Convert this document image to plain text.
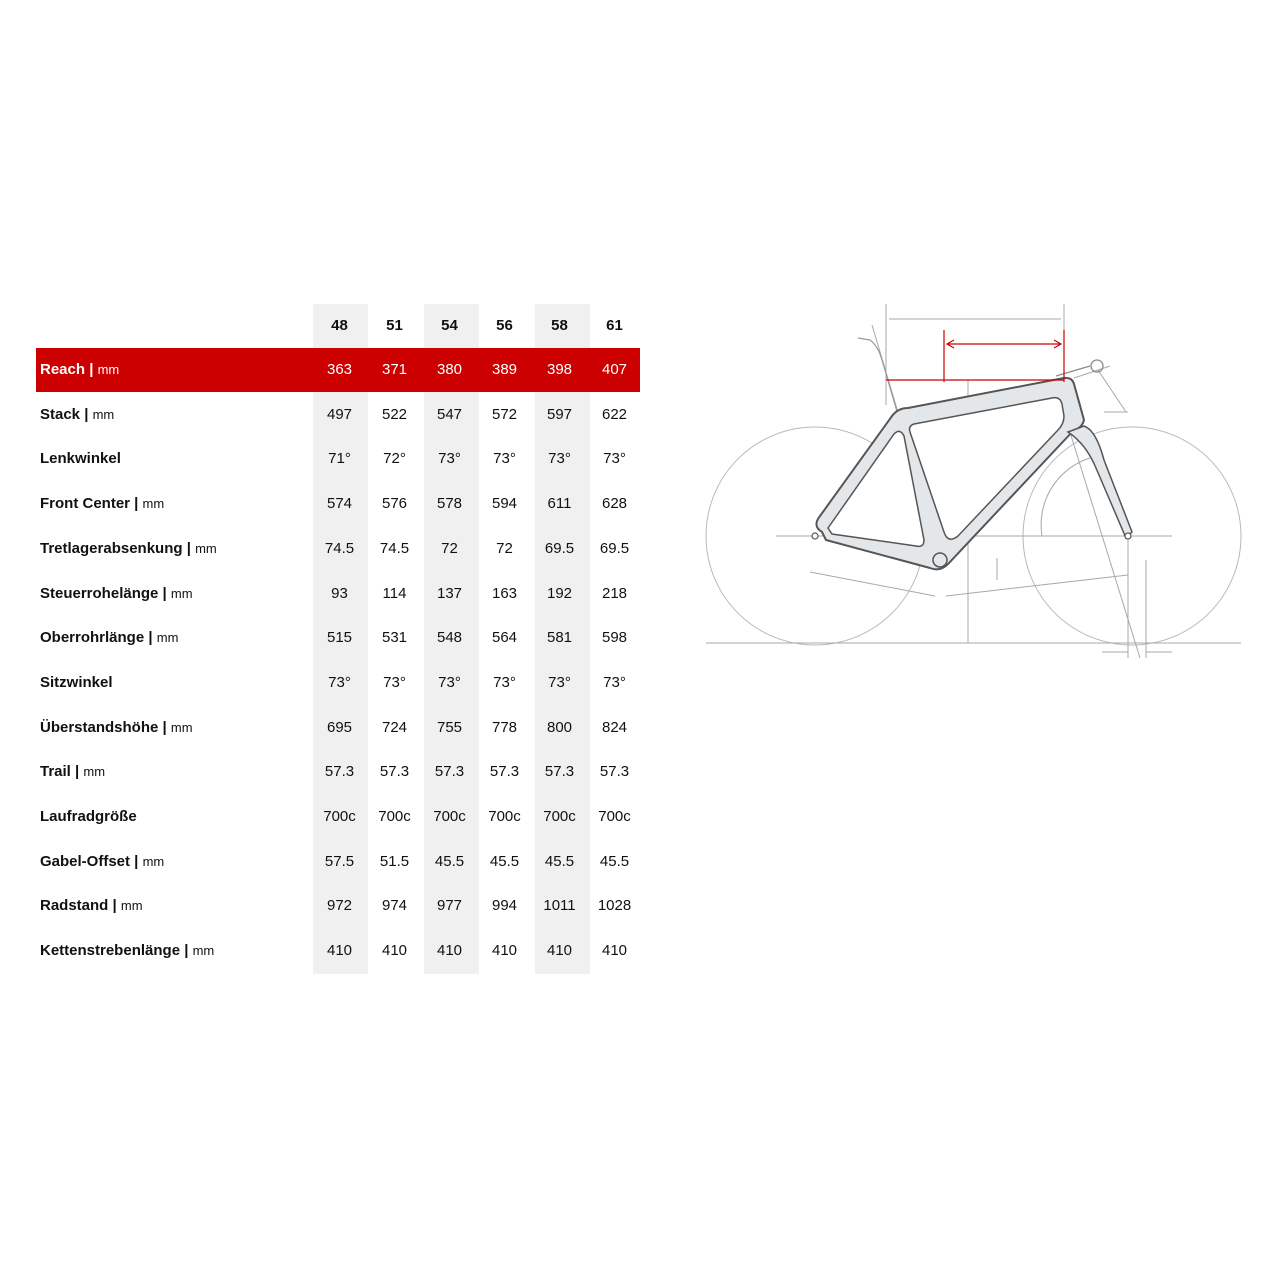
48	51	54	56	58	61
Reach | mm	363	371	380	389	398	407
Stack | mm	497	522	547	572	597	622
Lenkwinkel	71°	72°	73°	73°	73°	73°
Front Center | mm	574	576	578	594	611	628
Tretlagerabsenkung | mm	74.5	74.5	72	72	69.5	69.5
Steuerrohelänge | mm	93	114	137	163	192	218
Oberrohrlänge | mm	515	531	548	564	581	598
Sitzwinkel	73°	73°	73°	73°	73°	73°
Überstandshöhe | mm	695	724	755	778	800	824
Trail | mm	57.3	57.3	57.3	57.3	57.3	57.3
Laufradgröße	700c	700c	700c	700c	700c	700c
Gabel-Offset | mm	57.5	51.5	45.5	45.5	45.5	45.5
Radstand | mm	972	974	977	994	1011	1028
Kettenstrebenlänge | mm	410	410	410	410	410	410
